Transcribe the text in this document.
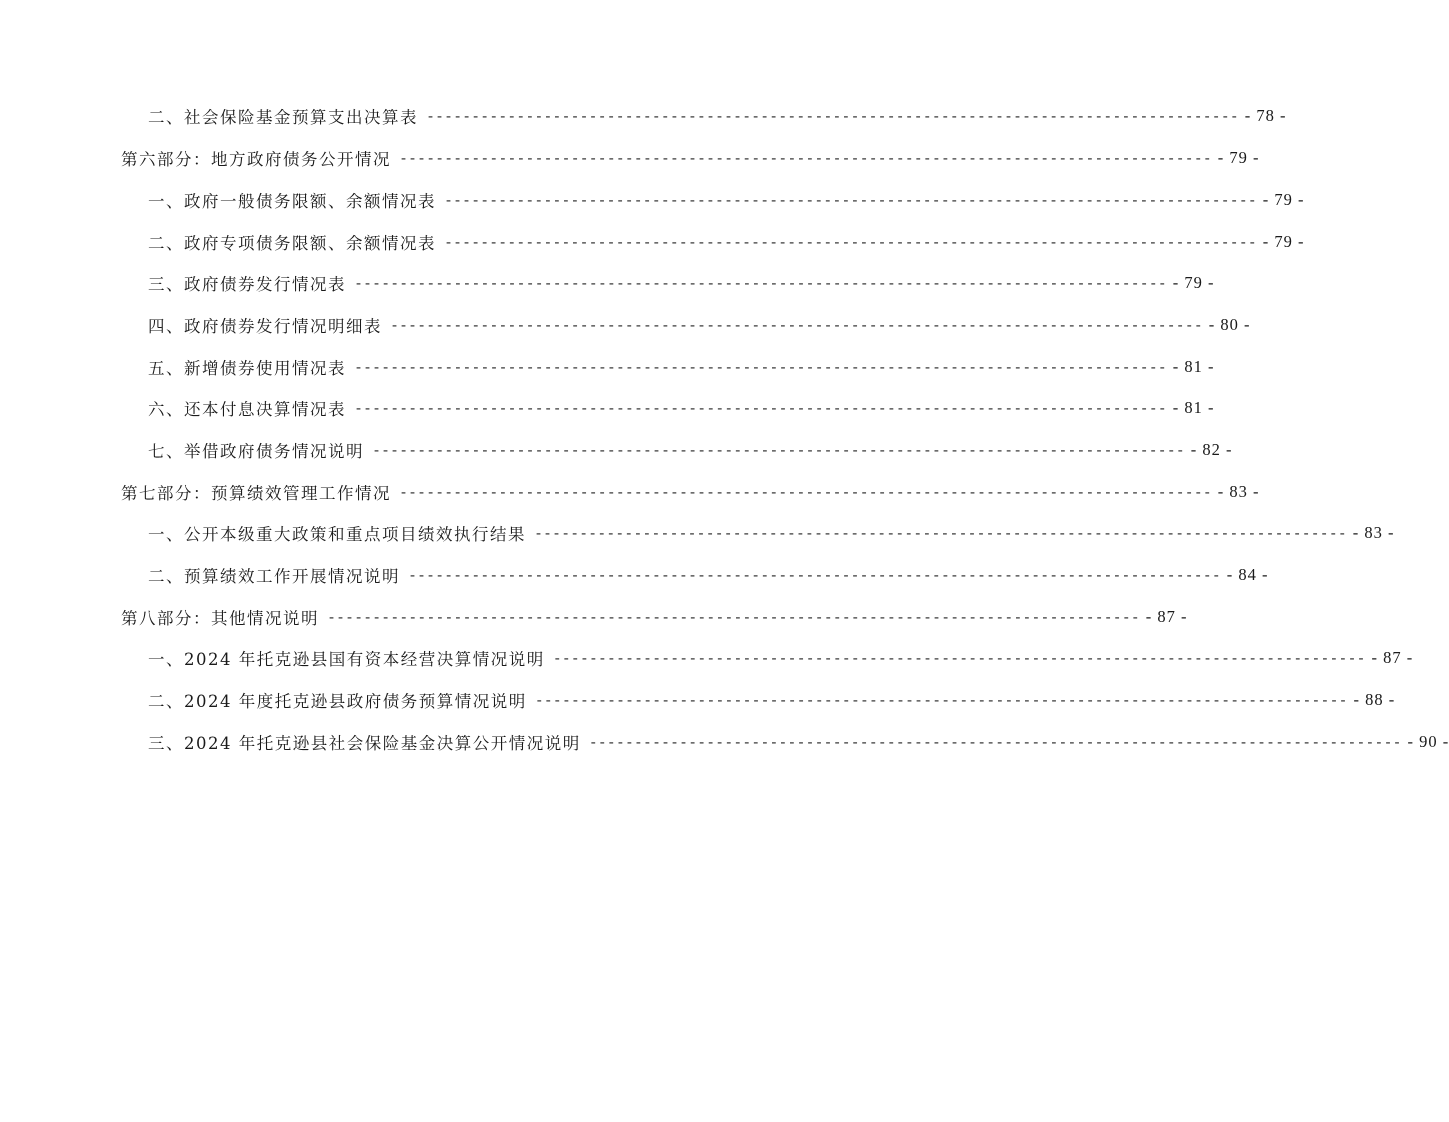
二、社会保险基金预算支出决算表 ------------------------------------------------------------------------------------------ - 78 -
第六部分：地方政府债务公开情况 ------------------------------------------------------------------------------------------ - 79 -
一、政府一般债务限额、余额情况表 ------------------------------------------------------------------------------------------ - 79 -
二、政府专项债务限额、余额情况表 ------------------------------------------------------------------------------------------ - 79 -
三、政府债券发行情况表 ------------------------------------------------------------------------------------------ - 79 -
四、政府债券发行情况明细表 ------------------------------------------------------------------------------------------ - 80 -
五、新增债券使用情况表 ------------------------------------------------------------------------------------------ - 81 -
六、还本付息决算情况表 ------------------------------------------------------------------------------------------ - 81 -
七、举借政府债务情况说明 ------------------------------------------------------------------------------------------ - 82 -
第七部分：预算绩效管理工作情况 ------------------------------------------------------------------------------------------ - 83 -
一、公开本级重大政策和重点项目绩效执行结果 ------------------------------------------------------------------------------------------ - 83 -
二、预算绩效工作开展情况说明 ------------------------------------------------------------------------------------------ - 84 -
第八部分：其他情况说明 ------------------------------------------------------------------------------------------ - 87 -
一、2024 年托克逊县国有资本经营决算情况说明 ------------------------------------------------------------------------------------------ - 87 -
二、2024 年度托克逊县政府债务预算情况说明 ------------------------------------------------------------------------------------------ - 88 -
三、2024 年托克逊县社会保险基金决算公开情况说明 ------------------------------------------------------------------------------------------ - 90 -
